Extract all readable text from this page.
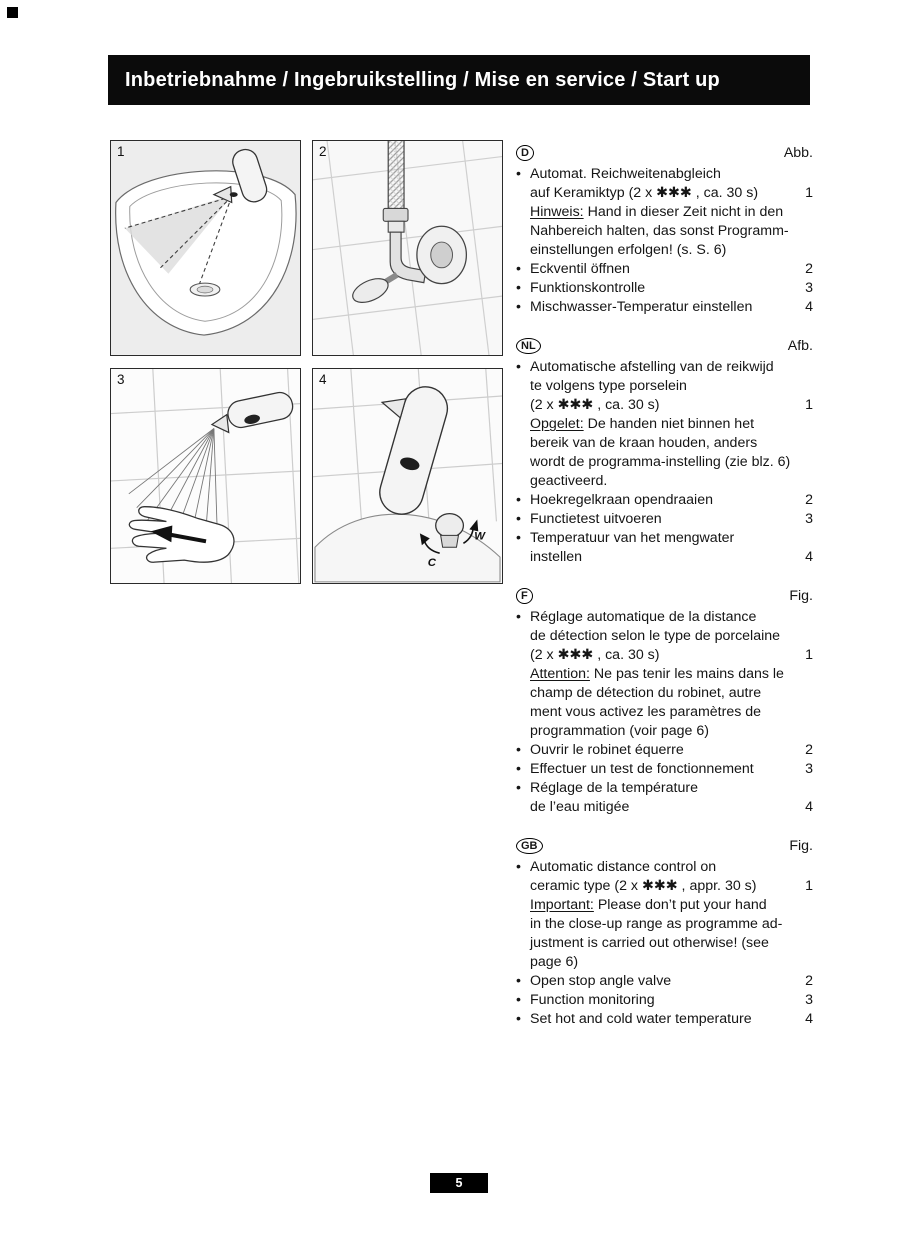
Inbetriebnahme / Ingebruikstelling / Mise en service / Start up
1	2
3	4
C
W
D	Abb.
• Automat. Reichweitenabgleich
auf Keramiktyp (2 x ✱✱✱ , ca. 30 s)	1
Hinweis: Hand in dieser Zeit nicht in den
Nahbereich halten, das sonst Programm-
einstellungen erfolgen! (s. S. 6)
• Eckventil öffnen	2
• Funktionskontrolle	3
• Mischwasser-Temperatur einstellen	4
NL	Afb.
• Automatische afstelling van de reikwijd
te volgens type porselein
(2 x ✱✱✱ , ca. 30 s)	1
Opgelet: De handen niet binnen het
bereik van de kraan houden, anders
wordt de programma-instelling (zie blz. 6)
geactiveerd.
• Hoekregelkraan opendraaien	2
• Functietest uitvoeren	3
• Temperatuur van het mengwater
instellen	4
F	Fig.
• Réglage automatique de la distance
de détection selon le type de porcelaine
(2 x ✱✱✱ , ca. 30 s)	1
Attention: Ne pas tenir les mains dans le
champ de détection du robinet, autre
ment vous activez les paramètres de
programmation (voir page 6)
• Ouvrir le robinet équerre	2
• Effectuer un test de fonctionnement	3
• Réglage de la température
de l’eau mitigée	4
GB	Fig.
• Automatic distance control on
ceramic type (2 x ✱✱✱ , appr. 30 s)	1
Important: Please don’t put your hand
in the close-up range as programme ad-
justment is carried out otherwise! (see
page 6)
• Open stop angle valve	2
• Function monitoring	3
• Set hot and cold water temperature	4
5
